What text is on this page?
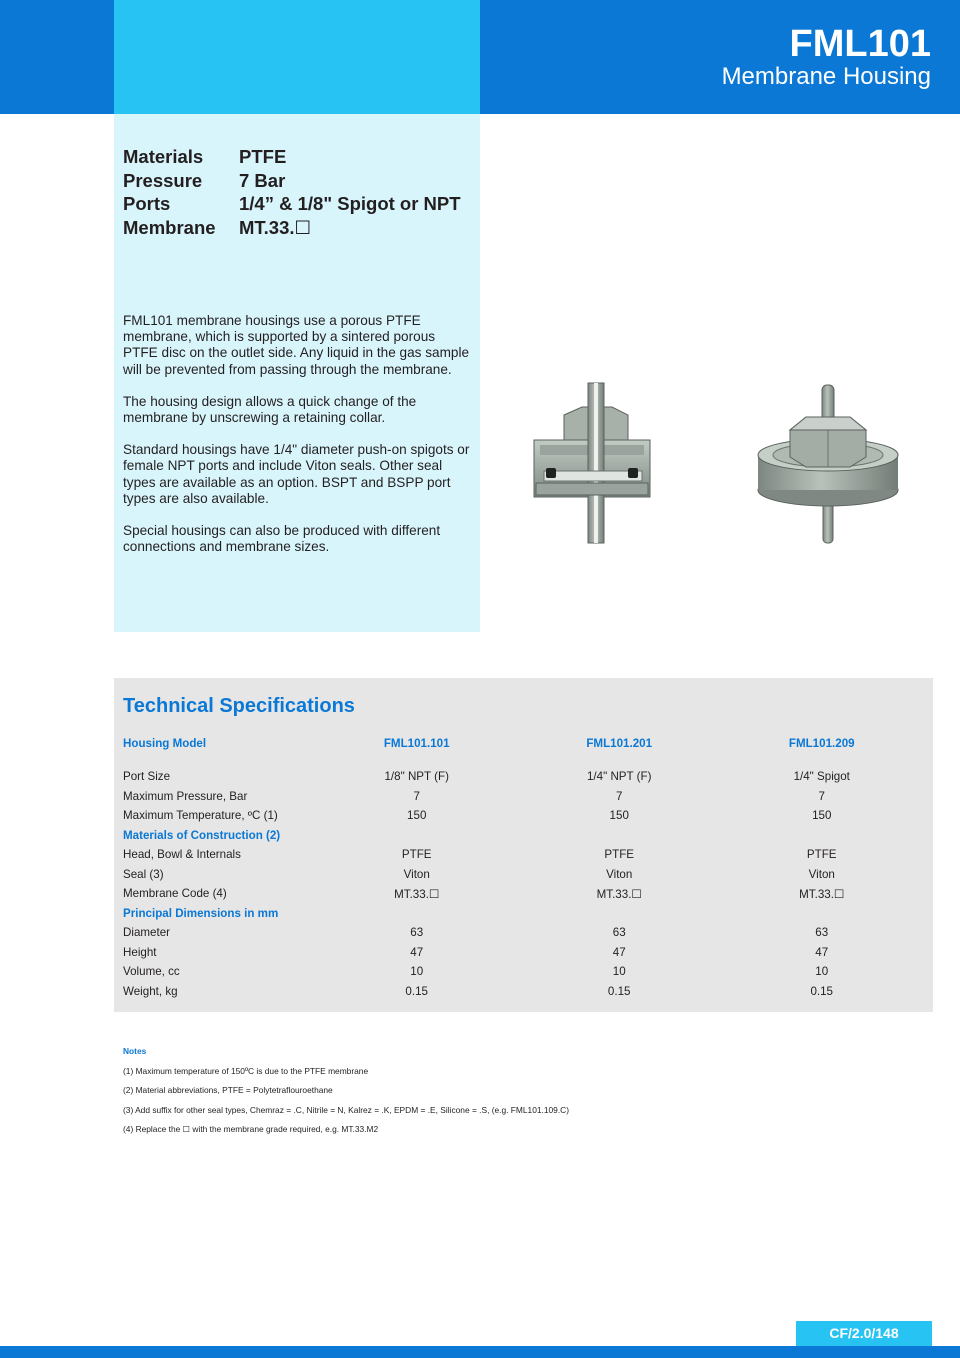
FML101
Membrane Housing
Materials	PTFE
Pressure	7 Bar
Ports	1/4” & 1/8" Spigot or NPT
Membrane	MT.33.☐

FML101 membrane housings use a porous PTFE membrane, which is supported by a sintered porous PTFE disc on the outlet side. Any liquid in the gas sample will be prevented from passing through the membrane.

The housing design allows a quick change of the membrane by unscrewing a retaining collar.

Standard housings have 1/4" diameter push-on spigots or female NPT ports and include Viton seals. Other seal types are available as an option. BSPT and BSPP port types are also available.

Special housings can also be produced with different connections and membrane sizes.

Technical Specifications
Housing Model	FML101.101	FML101.201	FML101.209

Port Size	1/8" NPT (F)	1/4" NPT (F)	1/4" Spigot
Maximum Pressure, Bar	7	7	7
Maximum Temperature, ºC (1)	150	150	150
Materials of Construction (2)			
Head, Bowl & Internals	PTFE	PTFE	PTFE
Seal (3)	Viton	Viton	Viton
Membrane Code (4)	MT.33.☐	MT.33.☐	MT.33.☐
Principal Dimensions in mm			
Diameter	63	63	63
Height	47	47	47
Volume, cc	10	10	10
Weight, kg	0.15	0.15	0.15
Notes
(1) Maximum temperature of 150ºC is due to the PTFE membrane
(2) Material abbreviations, PTFE = Polytetraflouroethane
(3) Add suffix for other seal types, Chemraz = .C, Nitrile = N, Kalrez = .K, EPDM = .E, Silicone = .S, (e.g. FML101.109.C)
(4) Replace the ☐ with the membrane grade required, e.g. MT.33.M2
CF/2.0/148
